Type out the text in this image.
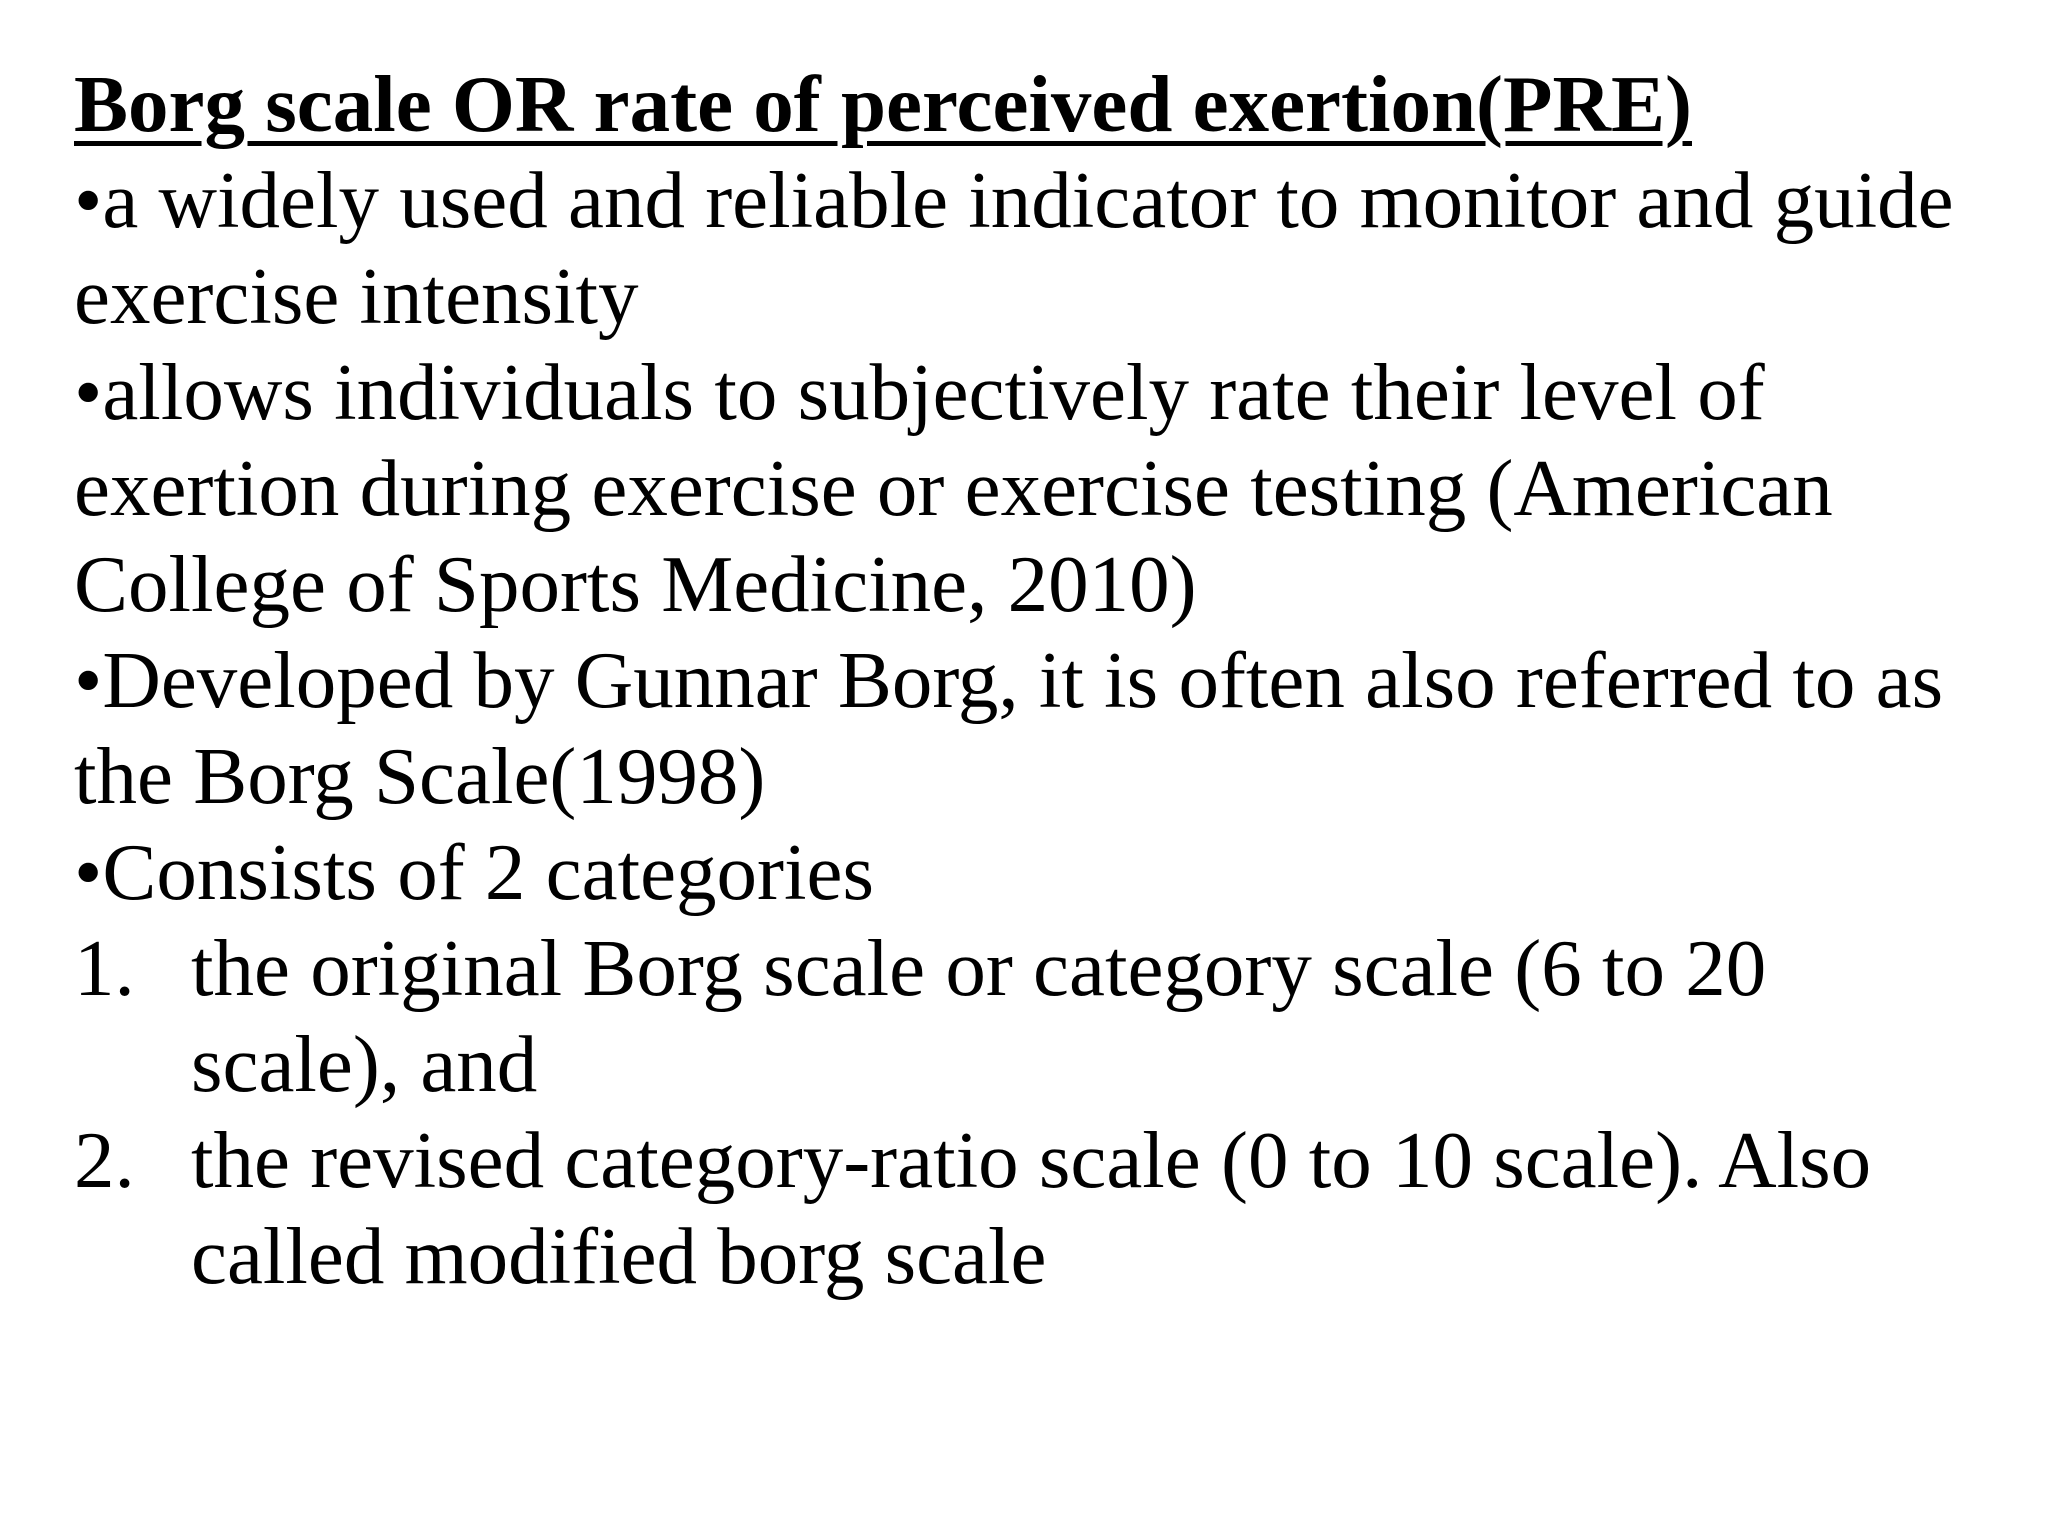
Borg scale OR rate of perceived exertion(PRE)

•a widely used and reliable indicator to monitor and guide exercise intensity

•allows individuals to subjectively rate their level of exertion during exercise or exercise testing (American College of Sports Medicine, 2010)

•Developed by Gunnar Borg, it is often also referred to as the Borg Scale(1998)

•Consists of 2 categories

1. the original Borg scale or category scale (6 to 20 scale), and
2. the revised category-ratio scale (0 to 10 scale). Also called modified borg scale
